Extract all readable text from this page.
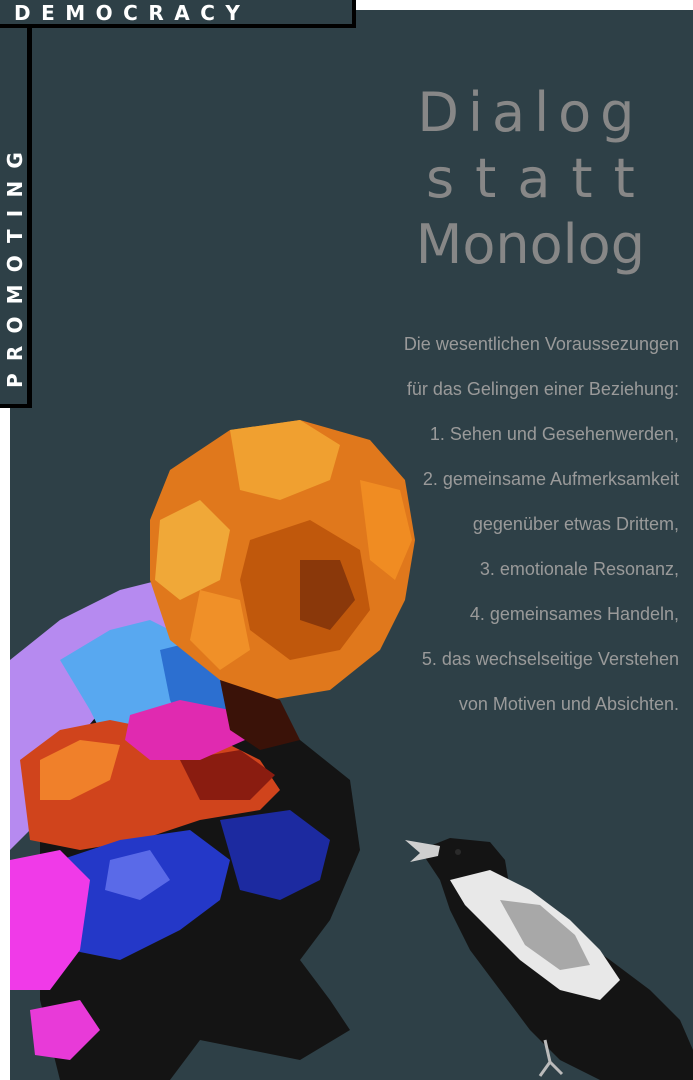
DEMOCRACY
PROMOTING
Dialog
statt
Monolog
Die wesentlichen Voraussezungen
für das Gelingen einer Beziehung:
1. Sehen und Gesehenwerden,
2. gemeinsame Aufmerksamkeit
gegenüber etwas Drittem,
3. emotionale Resonanz,
4. gemeinsames Handeln,
5. das wechselseitige Verstehen
von Motiven und Absichten.
